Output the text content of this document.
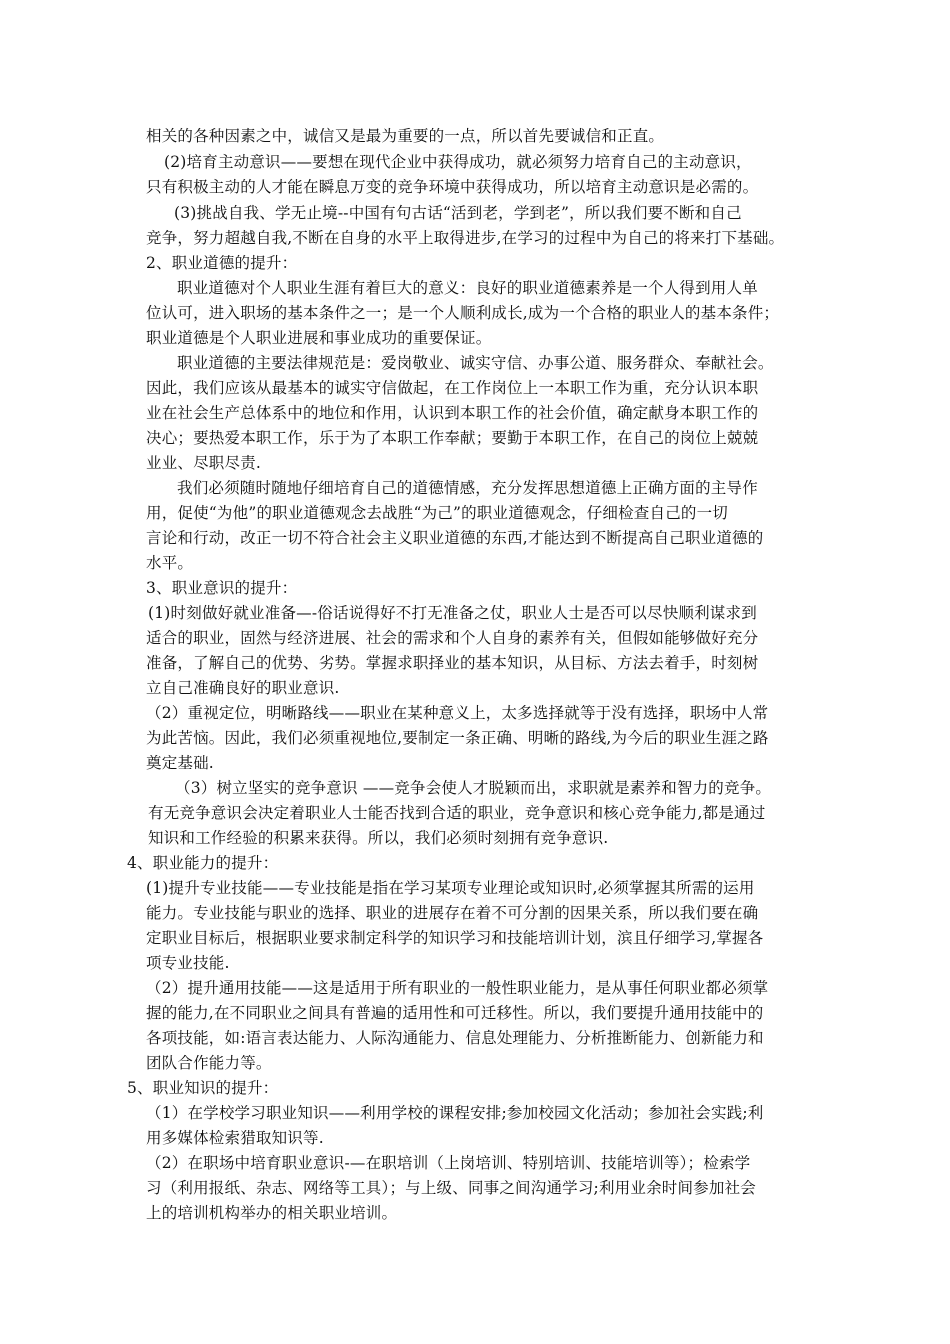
相关的各种因素之中，诚信又是最为重要的一点，所以首先要诚信和正直。
(2)培育主动意识——要想在现代企业中获得成功，就必须努力培育自己的主动意识，
只有积极主动的人才能在瞬息万变的竞争环境中获得成功，所以培育主动意识是必需的。
(3)挑战自我、学无止境--中国有句古话“活到老，学到老”，所以我们要不断和自己
竞争，努力超越自我,不断在自身的水平上取得进步,在学习的过程中为自己的将来打下基础。
2、职业道德的提升：
职业道德对个人职业生涯有着巨大的意义：良好的职业道德素养是一个人得到用人单
位认可，进入职场的基本条件之一；是一个人顺利成长,成为一个合格的职业人的基本条件；
职业道德是个人职业进展和事业成功的重要保证。
职业道德的主要法律规范是：爱岗敬业、诚实守信、办事公道、服务群众、奉献社会。
因此，我们应该从最基本的诚实守信做起，在工作岗位上一本职工作为重，充分认识本职
业在社会生产总体系中的地位和作用，认识到本职工作的社会价值，确定献身本职工作的
决心；要热爱本职工作，乐于为了本职工作奉献；要勤于本职工作，在自己的岗位上兢兢
业业、尽职尽责.
我们必须随时随地仔细培育自己的道德情感，充分发挥思想道德上正确方面的主导作
用，促使“为他”的职业道德观念去战胜“为己”的职业道德观念，仔细检查自己的一切
言论和行动，改正一切不符合社会主义职业道德的东西,才能达到不断提高自己职业道德的
水平。
3、职业意识的提升：
(1)时刻做好就业准备—-俗话说得好不打无准备之仗，职业人士是否可以尽快顺利谋求到
适合的职业，固然与经济进展、社会的需求和个人自身的素养有关，但假如能够做好充分
准备，了解自己的优势、劣势。掌握求职择业的基本知识，从目标、方法去着手，时刻树
立自己准确良好的职业意识.
（2）重视定位，明晰路线——职业在某种意义上，太多选择就等于没有选择，职场中人常
为此苦恼。因此，我们必须重视地位,要制定一条正确、明晰的路线,为今后的职业生涯之路
奠定基础.
（3）树立坚实的竞争意识 ——竞争会使人才脱颖而出，求职就是素养和智力的竞争。
有无竞争意识会决定着职业人士能否找到合适的职业，竞争意识和核心竞争能力,都是通过
知识和工作经验的积累来获得。所以，我们必须时刻拥有竞争意识.
4、职业能力的提升：
(1)提升专业技能——专业技能是指在学习某项专业理论或知识时,必须掌握其所需的运用
能力。专业技能与职业的选择、职业的进展存在着不可分割的因果关系，所以我们要在确
定职业目标后，根据职业要求制定科学的知识学习和技能培训计划，滨且仔细学习,掌握各
项专业技能.
（2）提升通用技能——这是适用于所有职业的一般性职业能力，是从事任何职业都必须掌
握的能力,在不同职业之间具有普遍的适用性和可迁移性。所以，我们要提升通用技能中的
各项技能，如:语言表达能力、人际沟通能力、信息处理能力、分析推断能力、创新能力和
团队合作能力等。
5、职业知识的提升：
（1）在学校学习职业知识——利用学校的课程安排;参加校园文化活动；参加社会实践;利
用多媒体检索猎取知识等.
（2）在职场中培育职业意识-—在职培训（上岗培训、特别培训、技能培训等）；检索学
习（利用报纸、杂志、网络等工具）；与上级、同事之间沟通学习;利用业余时间参加社会
上的培训机构举办的相关职业培训。
